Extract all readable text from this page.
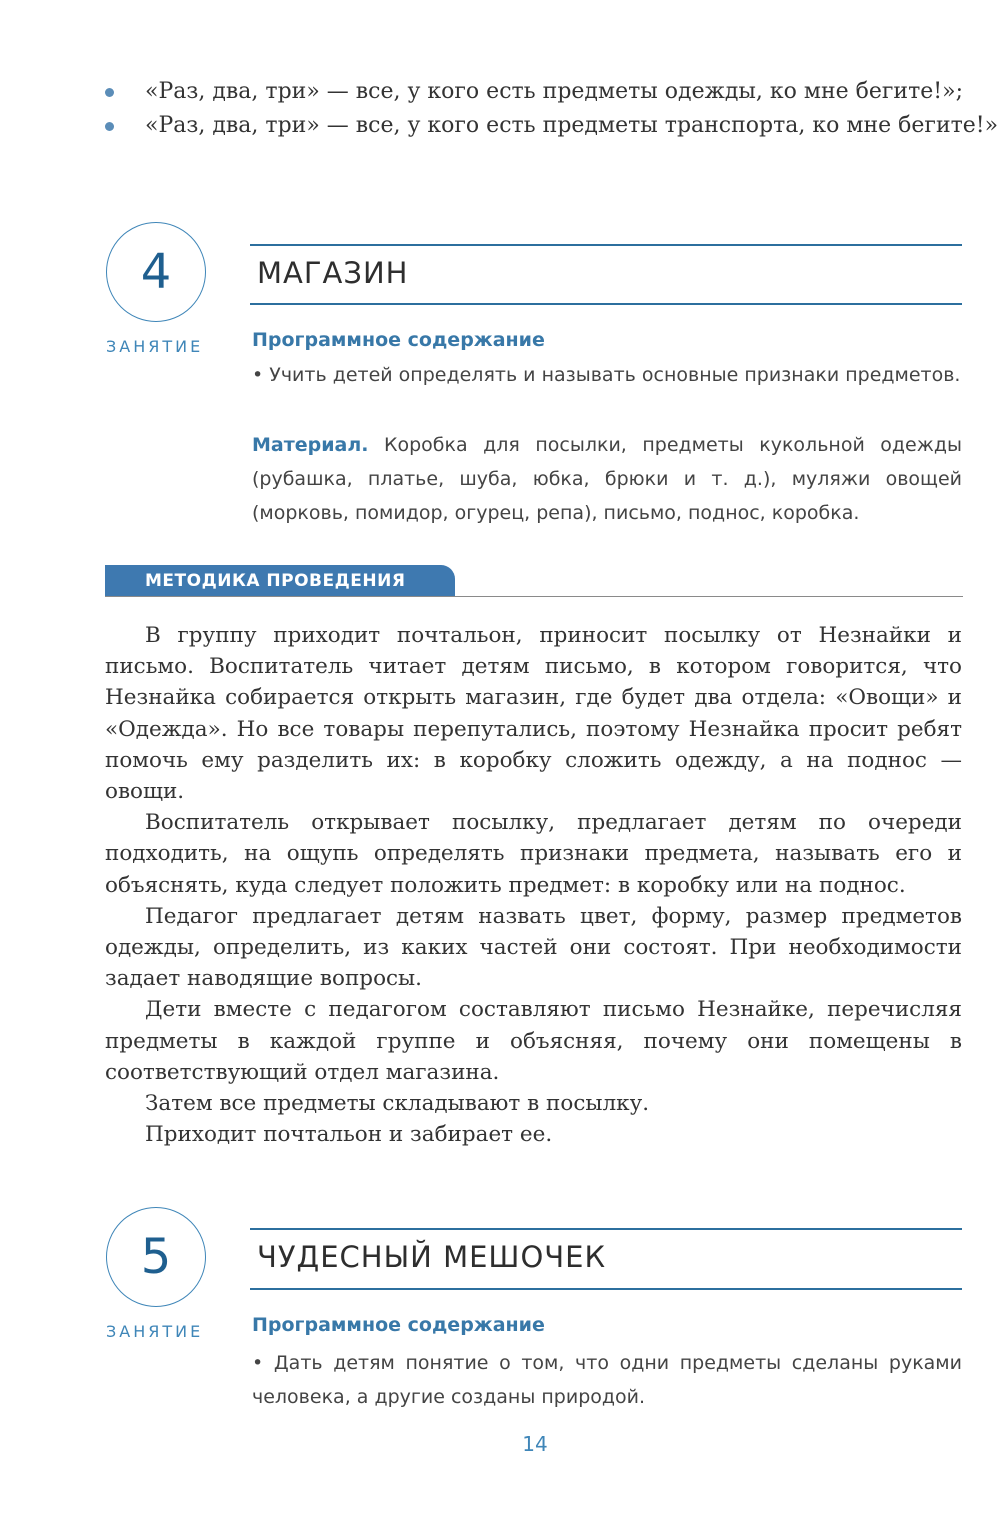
«Раз, два, три» — все, у кого есть предметы одежды, ко мне бегите!»;
«Раз, два, три» — все, у кого есть предметы транспорта, ко мне бегите!»
4
ЗАНЯТИЕ
МАГАЗИН
Программное содержание
• Учить детей определять и называть основные признаки предметов.
Материал. Коробка для посылки, предметы кукольной одежды (рубашка, платье, шуба, юбка, брюки и т. д.), муляжи овощей (морковь, помидор, огурец, репа), письмо, поднос, коробка.
МЕТОДИКА ПРОВЕДЕНИЯ

В группу приходит почтальон, приносит посылку от Незнайки и письмо. Воспитатель читает детям письмо, в котором говорится, что Незнайка собирается открыть магазин, где будет два отдела: «Овощи» и «Одежда». Но все товары перепутались, поэтому Незнайка просит ребят помочь ему разделить их: в коробку сложить одежду, а на поднос — овощи.

Воспитатель открывает посылку, предлагает детям по очереди подходить, на ощупь определять признаки предмета, называть его и объяснять, куда следует положить предмет: в коробку или на поднос.

Педагог предлагает детям назвать цвет, форму, размер предметов одежды, определить, из каких частей они состоят. При необходимости задает наводящие вопросы.

Дети вместе с педагогом составляют письмо Незнайке, перечисляя предметы в каждой группе и объясняя, почему они помещены в соответствующий отдел магазина.

Затем все предметы складывают в посылку.

Приходит почтальон и забирает ее.

5
ЗАНЯТИЕ
ЧУДЕСНЫЙ МЕШОЧЕК
Программное содержание
• Дать детям понятие о том, что одни предметы сделаны руками человека, а другие созданы природой.
14
